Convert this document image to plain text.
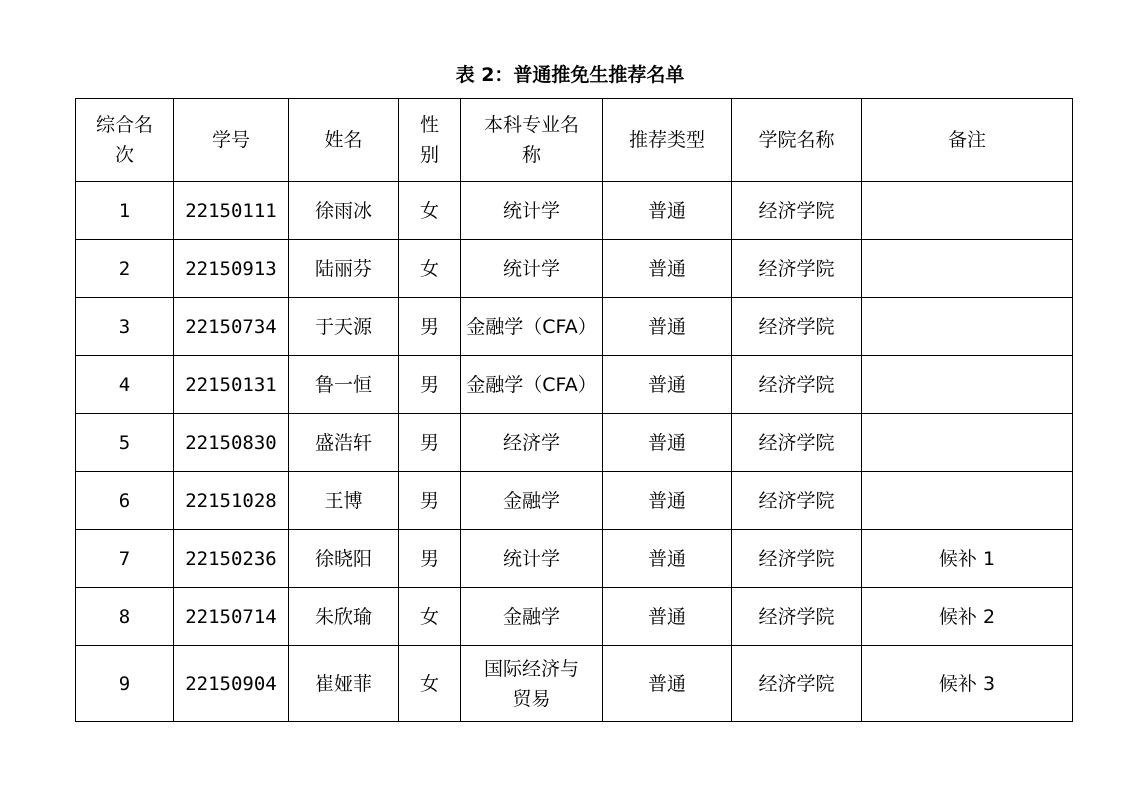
表 2：普通推免生推荐名单
综合名次	学号	姓名	性别	本科专业名称	推荐类型	学院名称	备注
1	22150111	徐雨冰	女	统计学	普通	经济学院	
2	22150913	陆丽芬	女	统计学	普通	经济学院	
3	22150734	于天源	男	金融学（CFA）	普通	经济学院	
4	22150131	鲁一恒	男	金融学（CFA）	普通	经济学院	
5	22150830	盛浩轩	男	经济学	普通	经济学院	
6	22151028	王博	男	金融学	普通	经济学院	
7	22150236	徐晓阳	男	统计学	普通	经济学院	候补 1
8	22150714	朱欣瑜	女	金融学	普通	经济学院	候补 2
9	22150904	崔娅菲	女	国际经济与贸易	普通	经济学院	候补 3
